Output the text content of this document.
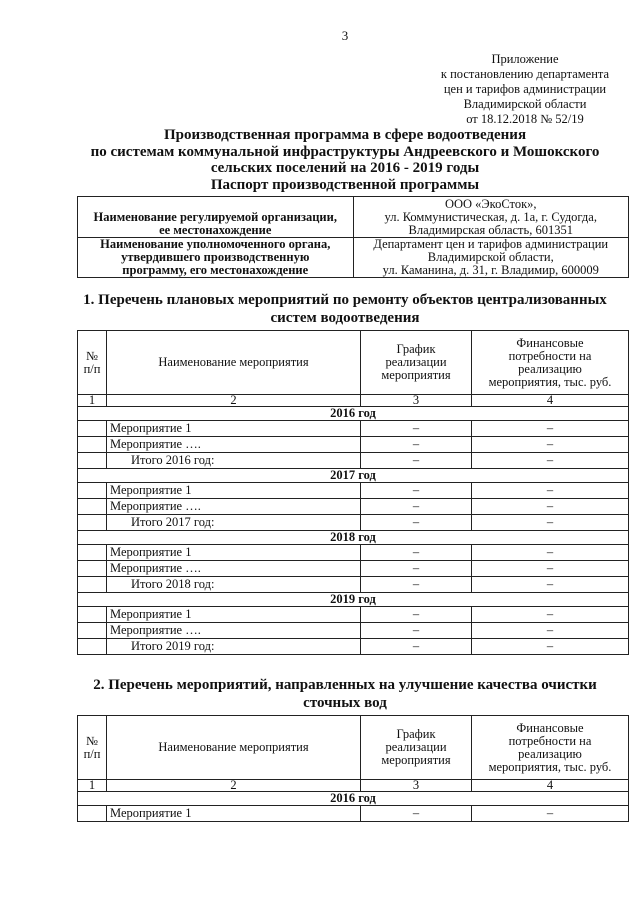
3
Приложение
к постановлению департамента
цен и тарифов администрации
Владимирской области
от 18.12.2018 № 52/19
Производственная программа в сфере водоотведения
по системам коммунальной инфраструктуры Андреевского и Мошокского
сельских поселений на 2016 - 2019 годы
Паспорт производственной программы

Наименование регулируемой организации,
ее местонахождение	ООО «ЭкоСток»,
ул. Коммунистическая, д. 1а, г. Судогда,
Владимирская область, 601351
Наименование уполномоченного органа,
утвердившего производственную
программу, его местонахождение	Департамент цен и тарифов администрации
Владимирской области,
ул. Каманина, д. 31, г. Владимир, 600009
1. Перечень плановых мероприятий по ремонту объектов централизованных
систем водоотведения
№
п/п	Наименование мероприятия	График
реализации
мероприятия	Финансовые
потребности на
реализацию
мероприятия, тыс. руб.
1	2	3	4
2016 год			
	Мероприятие 1	–	–
	Мероприятие ….	–	–
	Итого 2016 год:	–	–
2017 год			
	Мероприятие 1	–	–
	Мероприятие ….	–	–
	Итого 2017 год:	–	–
2018 год			
	Мероприятие 1	–	–
	Мероприятие ….	–	–
	Итого 2018 год:	–	–
2019 год			
	Мероприятие 1	–	–
	Мероприятие ….	–	–
	Итого 2019 год:	–	–
2. Перечень мероприятий, направленных на улучшение качества очистки
сточных вод
№
п/п	Наименование мероприятия	График
реализации
мероприятия	Финансовые
потребности на
реализацию
мероприятия, тыс. руб.
1	2	3	4
2016 год			
	Мероприятие 1	–	–
